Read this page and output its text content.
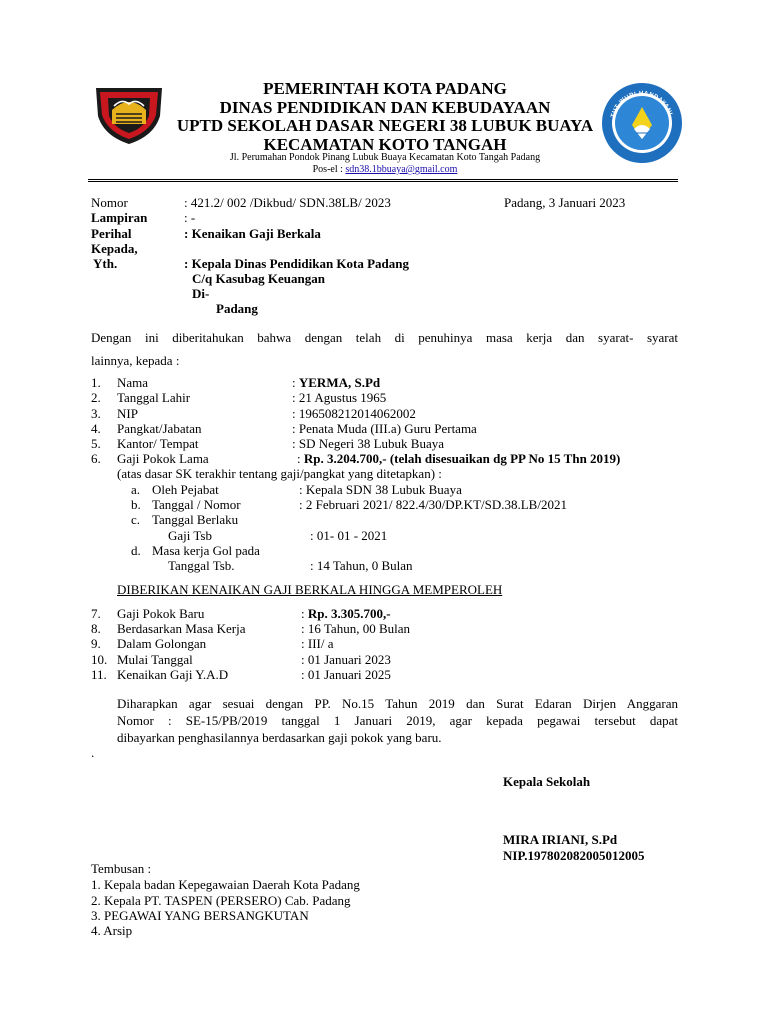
TUT WURI HANDAYANI
PEMERINTAH KOTA PADANG
DINAS PENDIDIKAN DAN KEBUDAYAAN
UPTD SEKOLAH DASAR NEGERI 38 LUBUK BUAYA
KECAMATAN KOTO TANGAH
Jl. Perumahan Pondok Pinang Lubuk Buaya Kecamatan Koto Tangah Padang
Pos-el : sdn38.1bbuaya@gmail.com
Nomor	: 421.2/ 002 /Dikbud/ SDN.38LB/ 2023	Padang, 3 Januari 2023
Lampiran	: -
Perihal	: Kenaikan Gaji Berkala
Kepada,
Yth.	: Kepala Dinas Pendidikan Kota Padang
C/q Kasubag Keuangan
Di-
Padang
Dengan ini diberitahukan bahwa dengan telah di penuhinya masa kerja dan syarat- syarat
lainnya, kepada :
1. Nama	: YERMA, S.Pd
2. Tanggal Lahir	: 21 Agustus 1965
3. NIP	: 196508212014062002
4. Pangkat/Jabatan	: Penata Muda (III.a) Guru Pertama
5. Kantor/ Tempat	: SD Negeri 38 Lubuk Buaya
6. Gaji Pokok Lama	: Rp. 3.204.700,- (telah disesuaikan dg PP No 15 Thn 2019)
(atas dasar SK terakhir tentang gaji/pangkat yang ditetapkan) :
a. Oleh Pejabat	: Kepala SDN 38 Lubuk Buaya
b. Tanggal / Nomor	: 2 Februari 2021/ 822.4/30/DP.KT/SD.38.LB/2021
c. Tanggal Berlaku
Gaji Tsb	: 01- 01 - 2021
d. Masa kerja Gol pada
Tanggal Tsb.	: 14 Tahun, 0 Bulan
DIBERIKAN KENAIKAN GAJI BERKALA HINGGA MEMPEROLEH
7. Gaji Pokok Baru	: Rp. 3.305.700,-
8. Berdasarkan Masa Kerja	: 16 Tahun, 00 Bulan
9. Dalam Golongan	: III/ a
10. Mulai Tanggal	: 01 Januari 2023
11. Kenaikan Gaji Y.A.D	: 01 Januari 2025
Diharapkan agar sesuai dengan PP. No.15 Tahun 2019 dan Surat Edaran Dirjen Anggaran
Nomor : SE-15/PB/2019 tanggal 1 Januari 2019, agar kepada pegawai tersebut dapat
dibayarkan penghasilannya berdasarkan gaji pokok yang baru.
.
Kepala Sekolah
MIRA IRIANI, S.Pd
NIP.197802082005012005
Tembusan :
1. Kepala badan Kepegawaian Daerah Kota Padang
2. Kepala PT. TASPEN (PERSERO) Cab. Padang
3. PEGAWAI YANG BERSANGKUTAN
4. Arsip
